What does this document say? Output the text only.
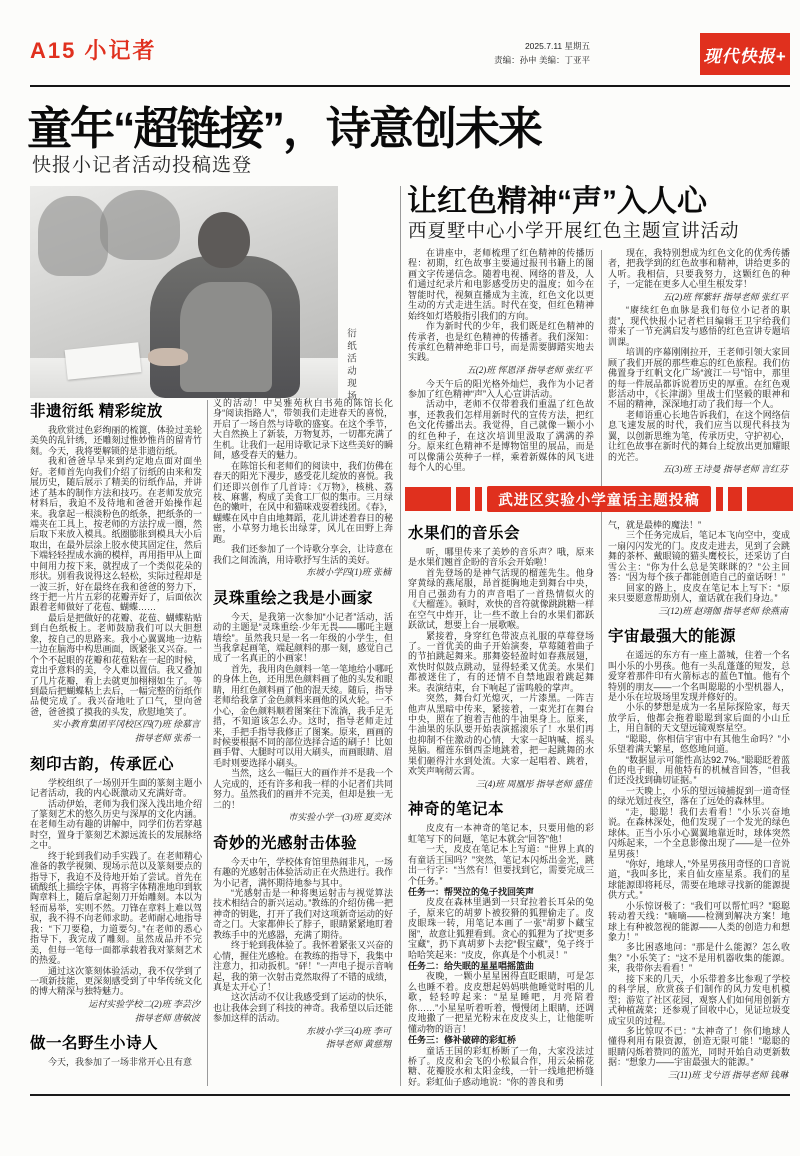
A15 小记者	2025.7.11 星期五
责编：孙申 美编：丁亚平	现代快报+
童年“超链接”，诗意创未来
快报小记者活动投稿选登
衍纸活动现场
让红色精神“声”入人心
西夏墅中心小学开展红色主题宣讲活动

在讲座中，老师梳理了红色精神的传播历程：初期，红色故事主要通过报刊书籍上的图画文字传递信念。随着电视、网络的普及，人们通过纪录片和电影感受历史的温度；如今在智能时代，视频直播成为主流，红色文化以更生动的方式走进生活。时代在变，但红色精神始终如灯塔般指引我们的方向。

作为新时代的少年，我们既是红色精神的传承者，也是红色精神的传播者。我们深知：传承红色精神绝非口号，而是需要脚踏实地去实践。

五(2)班 恽恩泽 指导老师 张红平

今天午后的阳光格外灿烂，我作为小记者参加了红色精神“声”入人心宣讲活动。

活动中，老师不仅带着我们重温了红色故事，还教我们怎样用新时代的宣传方法，把红色文化传播出去。我觉得，自己就像一颗小小的红色种子，在这次培训里汲取了满满的养分。原来红色精神不是博物馆里的展品，而是可以像蒲公英种子一样，乘着新媒体的风飞进每个人的心里。

现在，我特别想成为红色文化的优秀传播者，把我学到的红色故事和精神，讲给更多的人听。我相信，只要我努力，这颗红色的种子，一定能在更多人心里生根发芽！

五(2)班 恽紫轩 指导老师 张红平

“赓续红色血脉是我们每位小记者的职责”，现代快报小记者栏目编辑王卫宇给我们带来了一节充满启发与感悟的红色宣讲专题培训课。

培训的序幕刚刚拉开，王老师引领大家回顾了我们开展的那些难忘的红色旅程。我们仿佛置身于红帆文化广场“渡江一号”馆中，那里的每一件展品都诉说着历史的厚重。在红色观影活动中，《长津湖》里战士们坚毅的眼神和不屈的精神，深深地打动了我们每一个人。

老师语重心长地告诉我们，在这个网络信息飞速发展的时代，我们应当以现代科技为翼，以创新思维为笔，传承历史，守护初心，让红色故事在新时代的舞台上绽放出更加耀眼的光芒。

五(3)班 王诗曼 指导老师 言红芬
武进区实验小学童话主题投稿
非遗衍纸 精彩绽放

我欣赏过色彩绚丽的梳篦，体验过美轮美奂的乱针绣，还雕刻过惟妙惟肖的留青竹刻。今天，我将要解锁的是非遗衍纸。

我和爸爸早早来到约定地点面对面坐好。老师首先向我们介绍了衍纸的由来和发展历史，随后展示了精美的衍纸作品，并讲述了基本的制作方法和技巧。在老师发放完材料后，我迫不及待地和爸爸开始操作起来。我拿起一根淡粉色的纸条，把纸条的一端夹在工具上，按老师的方法拧成一圈，然后取下来放入模具。纸圈膨胀到模具大小后取出，在最外层涂上胶水使其固定住，然后下端轻轻捏成水滴的模样，再用指甲从上面中间用力按下来，就捏成了一个类似花朵的形状。别看我说得这么轻松，实际过程却是一波三折，好在最终在我和爸爸的努力下，终于把一片片五彩的花瓣弄好了，后面依次跟着老师做好了花苞、蝴蝶……

最后是把做好的花瓣、花苞、蝴蝶粘贴到白色纸板上。老师鼓励我们可以大胆想象，按自己的思路来。我小心翼翼地一边粘一边在脑海中构思画面，既紧张又兴奋。一个个不起眼的花瓣和花苞粘在一起的时候，竟出乎意料的美，令人难以置信。我又叠加了几片花瓣，看上去就更加栩栩如生了。等到最后把蝴蝶粘上去后，一幅完整的衍纸作品便完成了。我兴奋地吐了口气，望向爸爸，爸爸摸了摸我的头发，欣慰地笑了。

实小教育集团平冈校区四(7)班 徐慕言
指导老师 张希一
刻印古韵，传承匠心

学校组织了一场别开生面的篆刻主题小记者活动，我的内心既激动又充满好奇。

活动伊始，老师为我们深入浅出地介绍了篆刻艺术的悠久历史与深厚的文化内涵。在老师生动有趣的讲解中，同学们仿若穿越时空，置身于篆刻艺术源远流长的发展脉络之中。

终于轮到我们动手实践了。在老师精心准备的教学视频、现场示范以及篆刻要点的指导下，我迫不及待地开始了尝试。首先在硫酸纸上描绘字体，再将字体精准地印到软陶章料上，随后拿起刻刀开始雕刻。本以为轻而易举，实则不然。刀锋在章料上难以驾驭，我不得不向老师求助。老师耐心地指导我：“下刀要稳，力道要匀。”在老师的悉心指导下，我完成了雕刻。虽然成品并不完美，但每一笔每一面都承载着我对篆刻艺术的热爱。

通过这次篆刻体验活动，我不仅学到了一项新技能，更深刻感受到了中华传统文化的博大精深与独特魅力。

运村实验学校二(2)班 李芸汐
指导老师 唐敏波
做一名野生小诗人

今天，我参加了一场非常开心且有意

义的活动！中吴雅苑秋白书苑的陈馆长化身“阅读指路人”，带领我们走进春天的喜悦，开启了一场自然与诗歌的盛宴。在这个季节，大自然换上了新装，万物复苏，一切都充满了生机。让我们一起用诗歌记录下这些美好的瞬间，感受春天的魅力。

在陈馆长和老师们的阅读中，我们仿佛在春天的阳光下漫步，感受花儿绽放的喜悦。我们还即兴创作了几首诗：《万物》，核桃、荔枝、麻薯，构成了美食工厂似的集市。三月绿色的嫩叶，在风中和猫咪戏耍着线团。《春》，蝴蝶在风中自由地舞蹈，花儿讲述着春日的秘密，小草努力地长出绿芽，风儿在田野上奔跑。

我们还参加了一个诗歌分享会，让诗意在我们之间流淌，用诗歌抒写生活的美好。

东坡小学四(1)班 张楠
灵珠重绘之我是小画家

今天，是我第一次参加“小记者”活动，活动的主题是“灵珠重绘·少年无畏——哪吒主题墙绘”。虽然我只是一名一年级的小学生，但当我拿起画笔，端起颜料的那一刻，感觉自己成了一名真正的小画家！

首先，我用肉色颜料一笔一笔地给小哪吒的身体上色，还用黑色颜料画了他的头发和眼睛，用红色颜料画了他的混天绫。随后，指导老师给我拿了金色颜料来画他的风火轮。一不小心，金色颜料顺着图案往下流淌，我手足无措，不知道该怎么办。这时，指导老师走过来，手把手指导我修正了图案。原来，画画的时候要根据不同的部位选择合适的刷子！比如画手臂、大腿时可以用大刷头，而画眼睛、眉毛时则要选择小刷头。

当然，这么一幅巨大的画作并不是我一个人完成的，还有许多和我一样的小记者们共同努力。虽然我们的画并不完美，但却是独一无二的！

市实验小学一(3)班 夏奕沐
奇妙的光感射击体验

今天中午，学校体育馆里热闹非凡，一场有趣的光感射击体验活动正在火热进行。我作为小记者，满怀期待地参与其中。

“光感射击是一种将奥运射击与视觉算法技术相结合的新兴运动。”教练的介绍仿佛一把神奇的钥匙，打开了我们对这项新奇运动的好奇之门。大家都伸长了脖子，眼睛紧紧地盯着教练手中的光感器，充满了期待。

终于轮到我体验了。我怀着紧张又兴奋的心情，握住光感枪。在教练的指导下，我集中注意力，扣动扳机。“砰！”一声电子提示音响起，我的第一次射击竟然取得了不错的成绩，真是太开心了！

这次活动不仅让我感受到了运动的快乐，也让我体会到了科技的神奇。我希望以后还能参加这样的活动。

东坡小学三(4)班 李可
指导老师 黄慈翔
水果们的音乐会

听，哪里传来了美妙的音乐声？哦，原来是水果们翘首企盼的音乐会开始啦！

首先登场的是神气活现的榴莲先生。他身穿黄绿的燕尾服，昂首挺胸地走到舞台中央，用自己强劲有力的声音唱了一首热情似火的《大榴莲》。顿时，欢快的音符就像跳跳糖一样在空气中炸开，让一些不敢上台的水果们都跃跃欲试，想要上台一展歌喉。

紧接着，身穿红色带波点礼服的草莓登场了。一首优美的曲子开始演奏，草莓随着曲子的节拍跳起舞来。那舞姿轻盈时如春燕展翅，欢快时似鼓点跳动，显得轻柔又优美。水果们都被迷住了，有的还情不自禁地跟着跳起舞来。表演结束，台下响起了雷鸣般的掌声。

突然，舞台灯光熄灭，一片漆黑。一阵吉他声从黑暗中传来，紧接着，一束光打在舞台中央，照在了抱着吉他的牛油果身上。原来，牛油果的乐队要开始表演摇滚乐了！水果们再也抑制不住激动的心情，大家一起呐喊、摇头晃脑。榴莲东倒西歪地跳着，把一起跳舞的水果们砸得汁水到处流。大家一起唱着、跳着，欢笑声响彻云霄。

三(4)班 周凰彤 指导老师 盛佳
神奇的笔记本

皮皮有一本神奇的笔记本，只要用他的彩虹笔写下的问题，笔记本就会“回答”他！

一天，皮皮在笔记本上写道：“世界上真的有童话王国吗？”突然，笔记本闪烁出金光，跳出一行字：“当然有！但要找到它，需要完成三个任务。”

任务一：帮哭泣的兔子找回笑声

皮皮在森林里遇到一只耷拉着长耳朵的兔子，原来它的胡萝卜被狡猾的狐狸偷走了。皮皮眼珠一转，用笔记本画了一张“胡萝卜藏宝图”，故意让狐狸看到。贪心的狐狸为了找“更多宝藏”，扔下真胡萝卜去挖“假宝藏”，兔子终于哈哈笑起来：“皮皮，你真是个小机灵！”

任务二：给失眠的星星唱摇篮曲

夜晚，一颗小星星困得直眨眼睛，可是怎么也睡不着。皮皮想起妈妈哄他睡觉时唱的儿歌，轻轻哼起来：“星星睡吧，月亮陪着你……”小星星听着听着，慢慢闭上眼睛，还调皮地撒了一把星光粉末在皮皮头上，让他能听懂动物的语言！

任务三：修补破碎的彩虹桥

童话王国的彩虹桥断了一角，大家没法过桥了。皮皮和会飞的小松鼠合作，用云朵棉花糖、花瓣胶水和太阳金线，一针一线地把桥缝好。彩虹仙子感动地说：“你的善良和勇

气，就是最棒的魔法！”

三个任务完成后，笔记本飞向空中，变成一扇闪闪发光的门。皮皮走进去，见到了会跳舞的茶杯、戴眼镜的猫头鹰校长，还采访了白雪公主：“你为什么总是笑眯眯的？”公主回答：“因为每个孩子都能创造自己的童话呀！”

回家的路上，皮皮在笔记本上写下：“原来只要愿意帮助别人，童话就在我们身边。”

三(12)班 赵翊伽 指导老师 徐燕南
宇宙最强大的能源

在遥远的东方有一座上蔷城，住着一个名叫小乐的小男孩。他有一头乱蓬蓬的短发，总爱穿着那件印有火箭标志的蓝色T恤。他有个特别的朋友——一个名叫聪聪的小型机器人，是小乐在垃圾场里发现并修好的。

小乐的梦想是成为一名星际探险家，每天放学后，他都会拖着聪聪到家后面的小山丘上，用自制的天文望远镜观察星空。

“聪聪，你相信宇宙中有其他生命吗？”小乐望着满天繁星，悠悠地问道。

“数据显示可能性高达92.7%。”聪聪眨着蓝色的电子眼，用他特有的机械音回答，“但我们还没找到确切证据。”

一天晚上，小乐的望远镜捕捉到一道奇怪的绿光划过夜空，落在了远处的森林里。

“走，聪聪！我们去看看！”小乐兴奋地说。在森林深处，他们发现了一个发光的绿色球体。正当小乐小心翼翼地靠近时，球体突然闪烁起来，一个全息影像出现了——是一位外星男孩！

“你好，地球人，”外星男孩用奇怪的口音说道，“我叫多比，来自仙女座星系。我们的星球能源即将耗尽，需要在地球寻找新的能源提供方式。”

小乐惊讶极了：“我们可以帮忙吗？”聪聪转动着天线：“嘀嘀——检测到解决方案！地球上有种被忽视的能源——人类的创造力和想象力！”

多比困惑地问：“那是什么能源？怎么收集？”小乐笑了：“这不是用机器收集的能源。来，我带你去看看！”

接下来的几天，小乐带着多比参观了学校的科学展，欣赏孩子们制作的风力发电机模型；游览了社区花园，观察人们如何用创新方式种植蔬菜；还参观了回收中心，见证垃圾变成宝贝的过程。

多比惊叹不已：“太神奇了！你们地球人懂得利用有限资源，创造无限可能！”聪聪的眼睛闪烁着赞同的蓝光，同时开始自动更新数据：“想象力——宇宙最强大的能源。”

三(11)班 戈兮语 指导老师 钱琳
